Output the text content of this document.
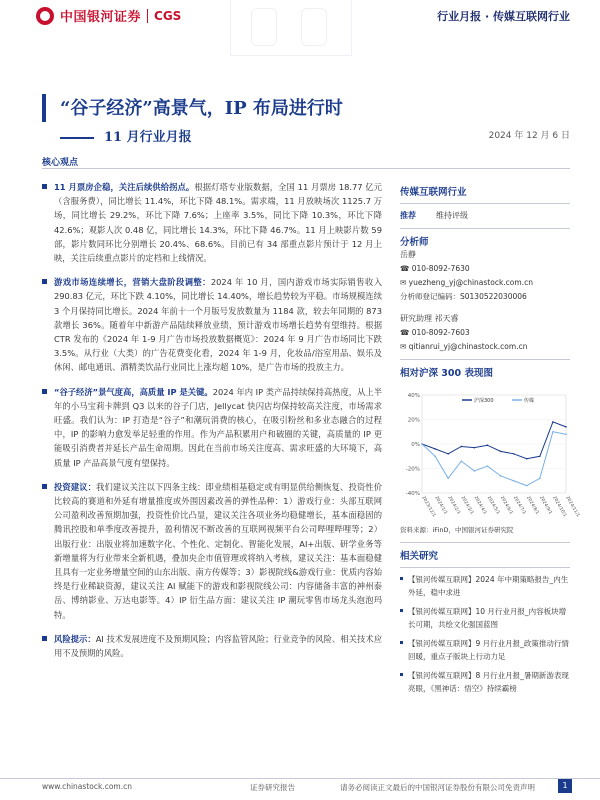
中国银河证券 CGS	行业月报 · 传媒互联网行业
“谷子经济”高景气，IP 布局进行时
11 月行业月报	2024 年 12 月 6 日
核心观点
11 月票房企稳，关注后续供给拐点。根据灯塔专业版数据，全国 11 月票房 18.77 亿元（含服务费），同比增长 11.4%，环比下降 48.1%。需求端，11 月放映场次 1125.7 万场，同比增长 29.2%，环比下降 7.6%；上座率 3.5%，同比下降 10.3%，环比下降 42.6%；观影人次 0.48 亿，同比增长 14.3%，环比下降 46.7%。11 月上映影片数 59 部，影片数同环比分别增长 20.4%、68.6%。目前已有 34 部重点影片预计于 12 月上映，关注后续重点影片的定档和上线情况。
游戏市场连续增长，营销大盘阶段调整：2024 年 10 月，国内游戏市场实际销售收入 290.83 亿元，环比下跌 4.10%，同比增长 14.40%，增长趋势较为平稳。市场规模连续 3 个月保持同比增长。2024 年前十一个月版号发放数量为 1184 款，较去年同期的 873 款增长 36%。随着年中新游产品陆续释放业绩，预计游戏市场增长趋势有望维持。根据 CTR 发布的《2024 年 1-9 月广告市场投放数据概览》：2024 年 9 月广告市场同比下跌 3.5%。从行业（大类）的广告花费变化看，2024 年 1-9 月，化妆品/浴室用品、娱乐及休闲、邮电通讯、酒精类饮品行业同比上涨均超 10%，是广告市场的投放主力。
“谷子经济”景气度高，高质量 IP 是关键。2024 年内 IP 类产品持续保持高热度，从上半年的小马宝莉卡牌到 Q3 以来的谷子门店，Jellycat 快闪店均保持较高关注度，市场需求旺盛。我们认为：IP 打造是“谷子”和潮玩消费的核心，在吸引粉丝和多业态融合的过程中，IP 的影响力愈发举足轻重的作用。作为产品积累用户和破圈的关键，高质量的 IP 更能吸引消费者并延长产品生命周期。因此在当前市场关注度高、需求旺盛的大环境下，高质量 IP 产品高景气度有望保持。
投资建议：我们建议关注以下四条主线：即业绩相基稳定或有明显供给侧恢复、投资性价比较高的赛道和外延有增量推度或外围因素改善的弹性品种：1）游戏行业：头部互联网公司盈利改善预期加强，投资性价比凸显，建议关注各项业务均稳健增长，基本面稳固的腾讯控股和单季度改善提升，盈利情况不断改善的互联网视频平台公司哔哩哔哩等；2）出版行业：出版业将加速数字化、个性化、定制化、智能化发展，AI+出版、研学业务等新增量将为行业带来全新机遇，叠加央企市值管理或将纳入考核，建议关注：基本面稳健且具有一定业务增量空间的山东出版、南方传媒等；3）影视院线&游戏行业：优质内容始终是行业稀缺资源，建议关注 AI 赋能下的游戏和影视院线公司：内容储备丰富的神州泰岳、博纳影业、万达电影等。4）IP 衍生品方面：建议关注 IP 潮玩零售市场龙头泡泡玛特。
风险提示：AI 技术发展进度不及预期风险；内容监管风险；行业竞争的风险、相关技术应用不及预期的风险。
传媒互联网行业
推荐	维持评级
分析师
岳静
☎ 010-8092-7630
✉ yuezheng_yj@chinastock.com.cn
分析师登记编码：S0130522030006
研究助理 祁天睿
☎ 010-8092-7603
✉ qitianrui_yj@chinastock.com.cn
相对沪深 300 表现图
40%
20%
0%
-20%
-40%
2023/12/1
2024/1/1
2024/2/1
2024/3/1
2024/4/1
2024/5/1
2024/6/1
2024/7/1
2024/8/1
2024/9/1
2024/10/1
2024/11/1
沪深300	传媒
资料来源：iFinD，中国银河证券研究院
相关研究
【银河传媒互联网】2024 年中期策略报告_内生外延，稳中求进
【银河传媒互联网】10 月行业月报_内容板块增长可期，共绘文化强国蓝图
【银河传媒互联网】9 月行业月报_政策推动行情回暖，重点子版块上行动力足
【银河传媒互联网】8 月行业月报_暑期新游表现亮眼，《黑神话：悟空》持续霸榜
www.chinastock.com.cn	证券研究报告	请务必阅读正文最后的中国银河证券股份有限公司免责声明	1
